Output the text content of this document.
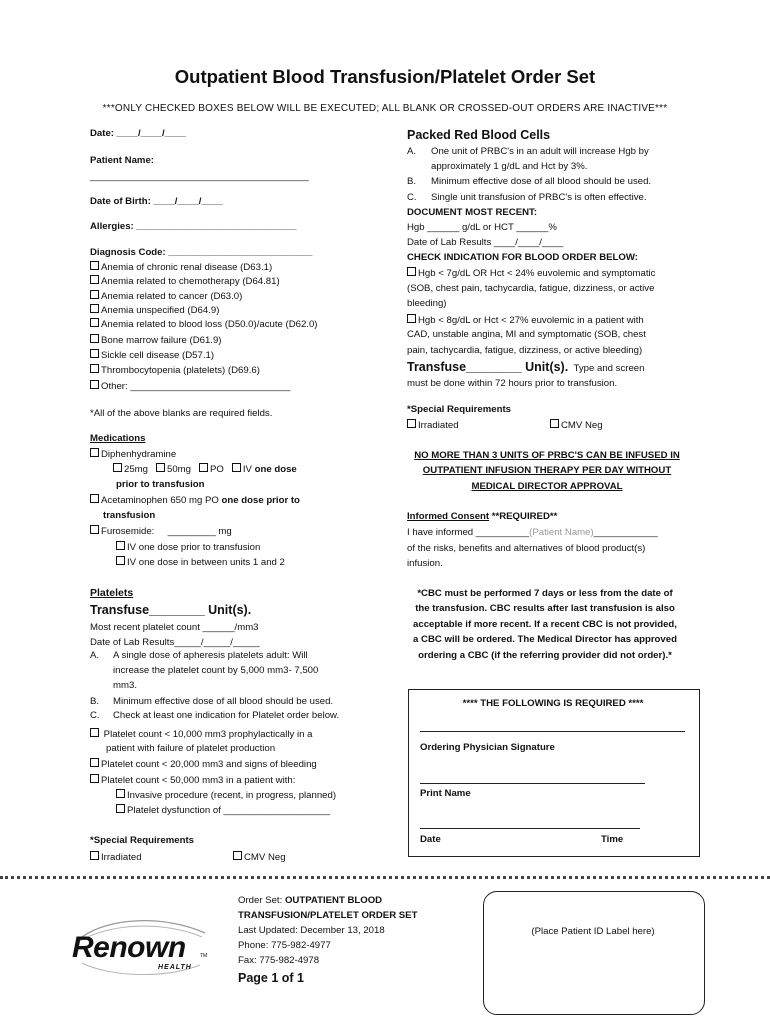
Outpatient Blood Transfusion/Platelet Order Set
***ONLY CHECKED BOXES BELOW WILL BE EXECUTED; ALL BLANK OR CROSSED-OUT ORDERS ARE INACTIVE***
Date: ____/____/____
Patient Name:
_________________________________________
Date of Birth: ____/____/____
Allergies: ______________________________
Diagnosis Code: ___________________________
Anemia of chronic renal disease (D63.1)
Anemia related to chemotherapy (D64.81)
Anemia related to cancer (D63.0)
Anemia unspecified (D64.9)
Anemia related to blood loss (D50.0)/acute (D62.0)
Bone marrow failure (D61.9)
Sickle cell disease (D57.1)
Thrombocytopenia (platelets) (D69.6)
Other: ______________________________
*All of the above blanks are required fields.
Medications
Diphenhydramine
25mg 50mg PO IV one dose
prior to transfusion
Acetaminophen 650 mg PO one dose prior to
transfusion
Furosemide: _________ mg
IV one dose prior to transfusion
IV one dose in between units 1 and 2
Platelets
Transfuse________ Unit(s).
Most recent platelet count ______/mm3
Date of Lab Results_____/_____/_____
A. A single dose of apheresis platelets adult: Will
increase the platelet count by 5,000 mm3- 7,500
mm3.
B. Minimum effective dose of all blood should be used.
C. Check at least one indication for Platelet order below.
Platelet count < 10,000 mm3 prophylactically in a
patient with failure of platelet production
Platelet count < 20,000 mm3 and signs of bleeding
Platelet count < 50,000 mm3 in a patient with:
Invasive procedure (recent, in progress, planned)
Platelet dysfunction of ____________________
*Special Requirements
Irradiated	CMV Neg
Packed Red Blood Cells
A. One unit of PRBC's in an adult will increase Hgb by
approximately 1 g/dL and Hct by 3%.
B. Minimum effective dose of all blood should be used.
C. Single unit transfusion of PRBC's is often effective.
DOCUMENT MOST RECENT:
Hgb ______ g/dL or HCT ______%
Date of Lab Results ____/____/____
CHECK INDICATION FOR BLOOD ORDER BELOW:
Hgb < 7g/dL OR Hct < 24% euvolemic and symptomatic
(SOB, chest pain, tachycardia, fatigue, dizziness, or active
bleeding)
Hgb < 8g/dL or Hct < 27% euvolemic in a patient with
CAD, unstable angina, MI and symptomatic (SOB, chest
pain, tachycardia, fatigue, dizziness, or active bleeding)
Transfuse________ Unit(s). Type and screen
must be done within 72 hours prior to transfusion.
*Special Requirements
Irradiated	CMV Neg
NO MORE THAN 3 UNITS OF PRBC'S CAN BE INFUSED IN
OUTPATIENT INFUSION THERAPY PER DAY WITHOUT
MEDICAL DIRECTOR APPROVAL
Informed Consent **REQUIRED**
I have informed __________(Patient Name)____________
of the risks, benefits and alternatives of blood product(s)
infusion.
*CBC must be performed 7 days or less from the date of
the transfusion. CBC results after last transfusion is also
acceptable if more recent. If a recent CBC is not provided,
a CBC will be ordered. The Medical Director has approved
ordering a CBC (if the referring provider did not order).*
**** THE FOLLOWING IS REQUIRED ****
Ordering Physician Signature
Print Name
Date	Time
Order Set: OUTPATIENT BLOOD
TRANSFUSION/PLATELET ORDER SET
Last Updated: December 13, 2018
Phone: 775-982-4977
Fax: 775-982-4978
Page 1 of 1
Renown	TM
HEALTH
(Place Patient ID Label here)
